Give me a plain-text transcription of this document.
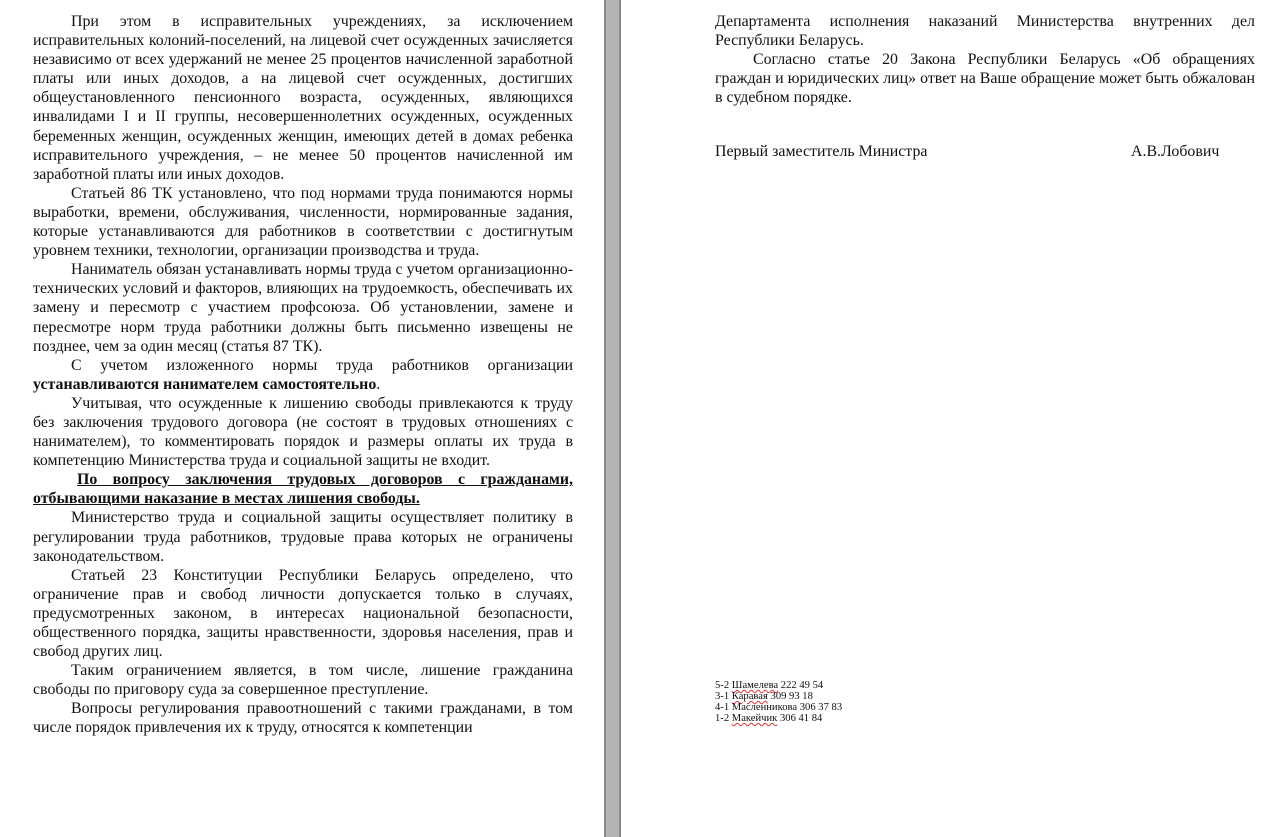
При этом в исправительных учреждениях, за исключением исправительных колоний-поселений, на лицевой счет осужденных зачисляется независимо от всех удержаний не менее 25 процентов начисленной заработной платы или иных доходов, а на лицевой счет осужденных, достигших общеустановленного пенсионного возраста, осужденных, являющихся инвалидами I и II группы, несовершеннолетних осужденных, осужденных беременных женщин, осужденных женщин, имеющих детей в домах ребенка исправительного учреждения, – не менее 50 процентов начисленной им заработной платы или иных доходов.

Статьей 86 ТК установлено, что под нормами труда понимаются нормы выработки, времени, обслуживания, численности, нормированные задания, которые устанавливаются для работников в соответствии с достигнутым уровнем техники, технологии, организации производства и труда.

Наниматель обязан устанавливать нормы труда с учетом организационно-технических условий и факторов, влияющих на трудоемкость, обеспечивать их замену и пересмотр с участием профсоюза. Об установлении, замене и пересмотре норм труда работники должны быть письменно извещены не позднее, чем за один месяц (статья 87 ТК).

С учетом изложенного нормы труда работников организации устанавливаются нанимателем самостоятельно.

Учитывая, что осужденные к лишению свободы привлекаются к труду без заключения трудового договора (не состоят в трудовых отношениях с нанимателем), то комментировать порядок и размеры оплаты их труда в компетенцию Министерства труда и социальной защиты не входит.

По вопросу заключения трудовых договоров с гражданами, отбывающими наказание в местах лишения свободы.

Министерство труда и социальной защиты осуществляет политику в регулировании труда работников, трудовые права которых не ограничены законодательством.

Статьей 23 Конституции Республики Беларусь определено, что ограничение прав и свобод личности допускается только в случаях, предусмотренных законом, в интересах национальной безопасности, общественного порядка, защиты нравственности, здоровья населения, прав и свобод других лиц.

Таким ограничением является, в том числе, лишение гражданина свободы по приговору суда за совершенное преступление.

Вопросы регулирования правоотношений с такими гражданами, в том числе порядок привлечения их к труду, относятся к компетенции

Департамента исполнения наказаний Министерства внутренних дел Республики Беларусь.

Согласно статье 20 Закона Республики Беларусь «Об обращениях граждан и юридических лиц» ответ на Ваше обращение может быть обжалован в судебном порядке.

Первый заместитель Министра	А.В.Лобович
5-2 Шамелева 222 49 54
3-1 Каравая 309 93 18
4-1 Масленникова 306 37 83
1-2 Макейчик 306 41 84
